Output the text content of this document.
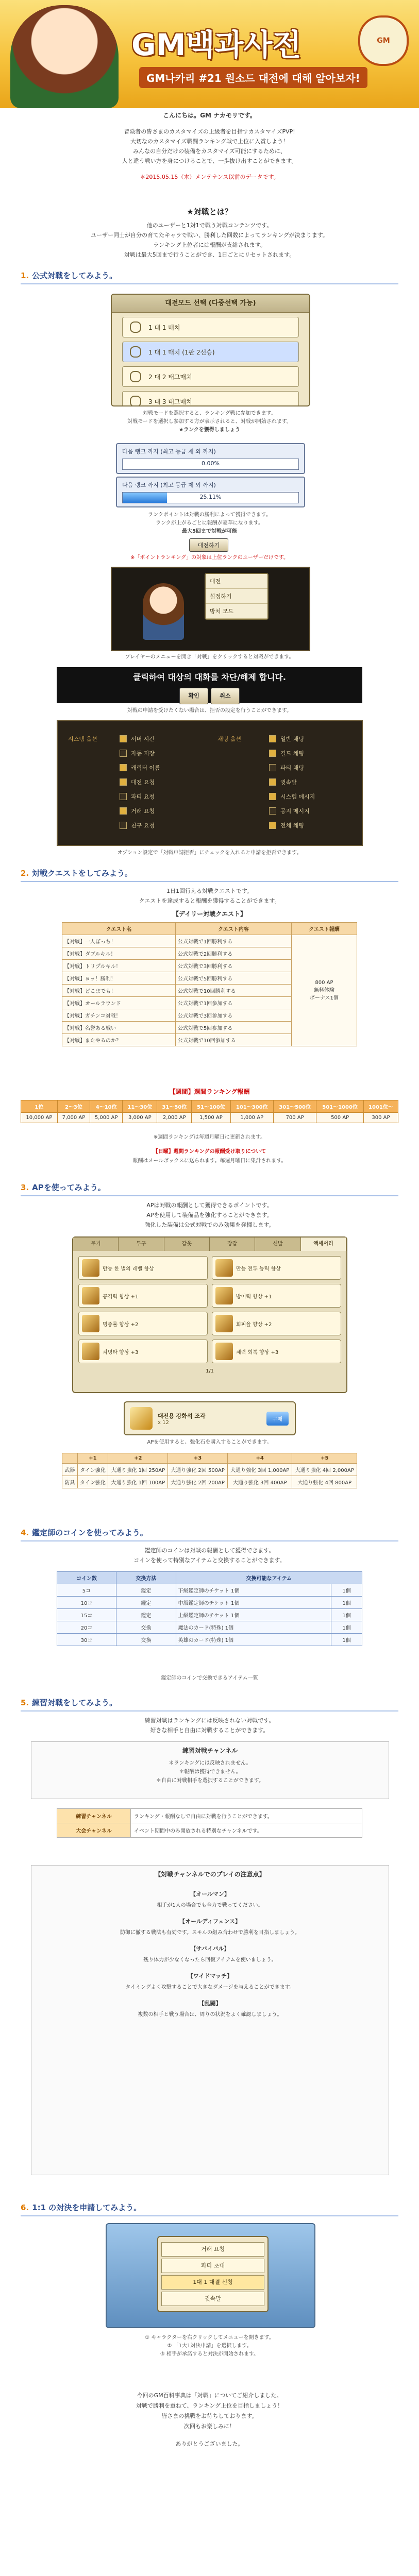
GM백과사전
GM나카리 #21 원소드 대전에 대해 알아보자!
GM
こんにちは。GM ナカモリです。
冒険者の皆さまのカスタマイズの上級者を目指すカスタマイズPVP!
大切なのカスタマイズ戦闘ランキング戦で上位に入賞しよう！
みんなの自分だけの装備をカスタマイズ可能にするために、
人と違う戦い方を身につけることで、一歩抜け出すことができます。
＊2015.05.15（木）メンテナンス以前のデータです。
★対戦とは？
他のユーザーと1対1で戦う対戦コンテンツです。
ユーザー同士が自分の育てたキャラで戦い、勝利した回数によってランキングが決まります。
ランキング上位者には報酬が支給されます。
対戦は最大5回まで行うことができ、1日ごとにリセットされます。
1. 公式対戦をしてみよう。
대전모드 선택 (다중선택 가능)
1 대 1 매치
1 대 1 매치 (1판 2선승)
2 대 2 태그매치
3 대 3 태그매치
対戦モードを選択すると、ランキング戦に参加できます。
対戦モードを選択し参加する方が表示されると、対戦が開始されます。
★ランクを獲得しましょう
다음 랭크 까지 (최고 등급 제 외 까지)
0.00%
다음 랭크 까지 (최고 등급 제 외 까지)
25.11%
ランクポイントは対戦の勝利によって獲得できます。
ランクが上がるごとに報酬が豪華になります。
最大5回まで対戦が可能
대전하기
※「ポイントランキング」の対象は上位ランクのユーザーだけです。
대전
설정하기
방치 모드
プレイヤーのメニューを開き「対戦」をクリックすると対戦ができます。
클릭하여 대상의 대화를 차단/해제 합니다.
확인	취소
対戦の申請を受けたくない場合は、拒否の設定を行うことができます。
시스템 옵션	서버 시간
자동 저장
캐릭터 이름
대전 요청
파티 요청
거래 요청
친구 요청
채팅 옵션	일반 채팅
길드 채팅
파티 채팅
귓속말
시스템 메시지
공지 메시지
전체 채팅
オプション設定で「対戦申請拒否」にチェックを入れると申請を拒否できます。
2. 対戦クエストをしてみよう。
1日1回行える対戦クエストです。
クエストを達成すると報酬を獲得することができます。
【デイリー対戦クエスト】
クエスト名	クエスト内容	クエスト報酬
【対戦】一人ぼっち！	公式対戦で1回勝利する	800 AP
無料体験
ボーナス1個
【対戦】ダブルキル！	公式対戦で2回勝利する	
【対戦】トリプルキル！	公式対戦で3回勝利する	
【対戦】ヨッ！勝利！	公式対戦で5回勝利する	
【対戦】どこまでも！	公式対戦で10回勝利する	
【対戦】オールラウンド	公式対戦で1回参加する	
【対戦】ガチンコ対戦！	公式対戦で3回参加する	
【対戦】名誉ある戦い	公式対戦で5回参加する	
【対戦】またやるのか？	公式対戦で10回参加する	
【週間】週間ランキング報酬
1位	2〜3位	4〜10位	11〜30位	31〜50位	51〜100位	101〜300位	301〜500位	501〜1000位	1001位〜
10,000 AP	7,000 AP	5,000 AP	3,000 AP	2,000 AP	1,500 AP	1,000 AP	700 AP	500 AP	300 AP
※週間ランキングは毎週月曜日に更新されます。
【日曜】週間ランキングの報酬受け取りについて
報酬はメールボックスに送られます。毎週月曜日に集計されます。
3. APを使ってみよう。
APは対戦の報酬として獲得できるポイントです。
APを使用して装備品を強化することができます。
強化した装備は公式対戦でのみ効果を発揮します。
무기	투구	갑옷	장갑	신발	액세서리
만능 한 벌의 레벨 향상	만능 전투 능력 향상
공격력 향상 +1	방어력 향상 +1
명중률 향상 +2	회피율 향상 +2
치명타 향상 +3	체력 회복 향상 +3
1/1
대전용 강화석 조각
x 12
구매
APを使用すると、強化石を購入することができます。
	+1	+2	+3	+4	+5
武器	タイン強化	大通り強化 1回 250AP	大通り強化 2回 500AP	大通り強化 3回 1,000AP	大通り強化 4回 2,000AP
防具	タイン強化	大通り強化 1回 100AP	大通り強化 2回 200AP	大通り強化 3回 400AP	大通り強化 4回 800AP
4. 鑑定師のコインを使ってみよう。
鑑定師のコインは対戦の報酬として獲得できます。
コインを使って特別なアイテムと交換することができます。
コイン数	交換方法	交換可能なアイテム	
5コ	鑑定	下級鑑定師のチケット 1個	1個
10コ	鑑定	中級鑑定師のチケット 1個	1個
15コ	鑑定	上級鑑定師のチケット 1個	1個
20コ	交換	魔法のカード(特殊) 1個	1個
30コ	交換	英雄のカード(特殊) 1個	1個
鑑定師のコインで交換できるアイテム一覧
5. 練習対戦をしてみよう。
練習対戦はランキングには反映されない対戦です。
好きな相手と自由に対戦することができます。
練習対戦チャンネル

＊ランキングには反映されません。

＊報酬は獲得できません。

＊自由に対戦相手を選択することができます。

練習チャンネル	ランキング・報酬なしで自由に対戦を行うことができます。
大会チャンネル	イベント期間中のみ開放される特別なチャンネルです。
【対戦チャンネルでのプレイの注意点】
【オールマン】
相手が1人の場合でも全力で戦ってください。
【オールディフェンス】
防御に徹する戦法も有効です。スキルの組み合わせで勝利を目指しましょう。
【サバイバル】
残り体力が少なくなったら回復アイテムを使いましょう。
【ワイドマッチ】
タイミングよく攻撃することで大きなダメージを与えることができます。
【乱闘】
複数の相手と戦う場合は、周りの状況をよく確認しましょう。
6. 1:1 の対決を申請してみよう。
거래 요청
파티 초대
1대 1 대결 신청
귓속말
① キャラクターを右クリックしてメニューを開きます。
② 「1大1対決申請」を選択します。
③ 相手が承諾すると対決が開始されます。
今回のGM百科事典は「対戦」についてご紹介しました。
対戦で勝利を重ねて、ランキング上位を目指しましょう！
皆さまの挑戦をお待ちしております。
次回もお楽しみに！
ありがとうございました。
